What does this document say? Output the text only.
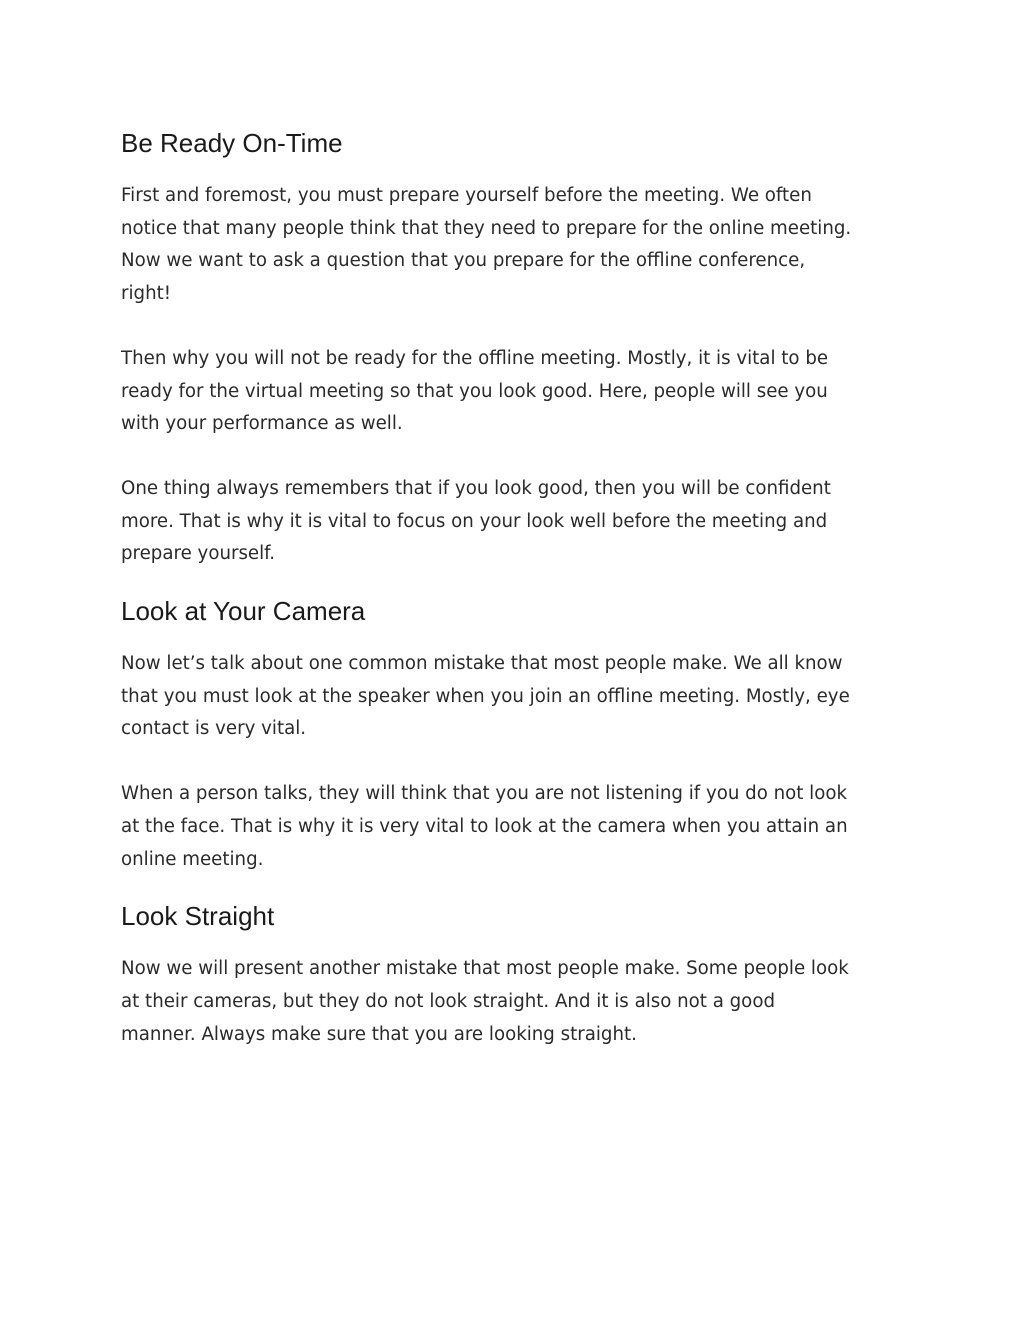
Be Ready On-Time

First and foremost, you must prepare yourself before the meeting. We often
notice that many people think that they need to prepare for the online meeting.
Now we want to ask a question that you prepare for the offline conference,
right!

Then why you will not be ready for the offline meeting. Mostly, it is vital to be
ready for the virtual meeting so that you look good. Here, people will see you
with your performance as well.

One thing always remembers that if you look good, then you will be confident
more. That is why it is vital to focus on your look well before the meeting and
prepare yourself.

Look at Your Camera

Now let’s talk about one common mistake that most people make. We all know
that you must look at the speaker when you join an offline meeting. Mostly, eye
contact is very vital.

When a person talks, they will think that you are not listening if you do not look
at the face. That is why it is very vital to look at the camera when you attain an
online meeting.

Look Straight

Now we will present another mistake that most people make. Some people look
at their cameras, but they do not look straight. And it is also not a good
manner. Always make sure that you are looking straight.
